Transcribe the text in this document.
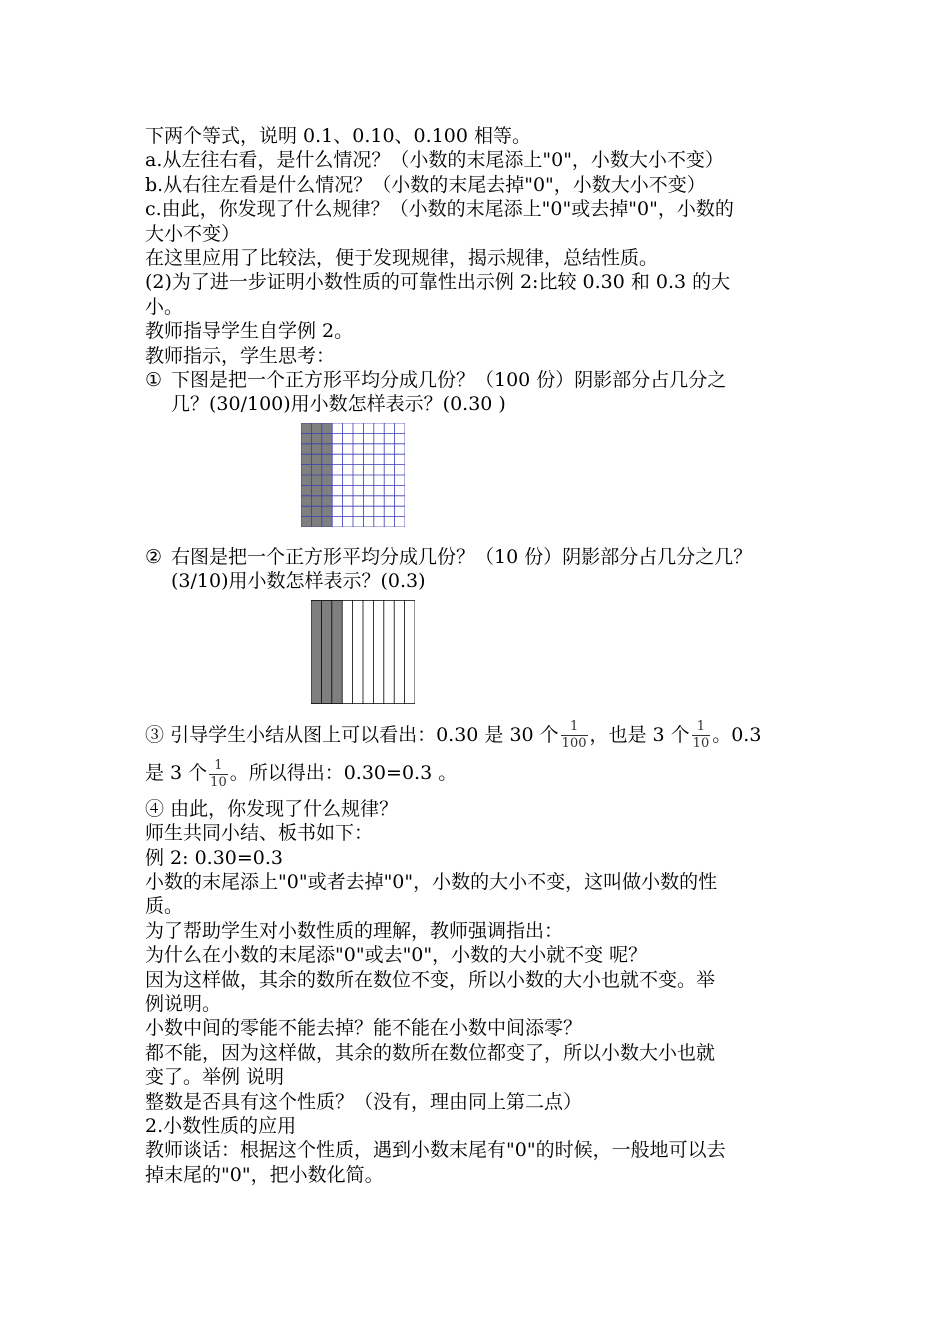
下两个等式，说明 0.1、0.10、0.100 相等。

a.从左往右看，是什么情况？（小数的末尾添上"0"，小数大小不变）

b.从右往左看是什么情况？（小数的末尾去掉"0"，小数大小不变）

c.由此，你发现了什么规律？（小数的末尾添上"0"或去掉"0"，小数的

大小不变）

在这里应用了比较法，便于发现规律，揭示规律，总结性质。

(2)为了进一步证明小数性质的可靠性出示例 2:比较 0.30 和 0.3 的大

小。

教师指导学生自学例 2。

教师指示，学生思考：

① 下图是把一个正方形平均分成几份？（100 份）阴影部分占几分之
几？(30/100)用小数怎样表示？(0.30 )
② 右图是把一个正方形平均分成几份？（10 份）阴影部分占几分之几？
(3/10)用小数怎样表示？(0.3)
③ 引导学生小结从图上可以看出：0.30 是 30 个 $\frac{1}{100}$ ，也是 3 个 $\frac{1}{10}$ 。0.3
是 3 个 $\frac{1}{10}$ 。所以得出：0.30=0.3 。
④ 由此，你发现了什么规律？

师生共同小结、板书如下：

例 2: 0.30=0.3

小数的末尾添上"0"或者去掉"0"，小数的大小不变，这叫做小数的性

质。

为了帮助学生对小数性质的理解，教师强调指出：

为什么在小数的末尾添"0"或去"0"，小数的大小就不变 呢？

因为这样做，其余的数所在数位不变，所以小数的大小也就不变。举

例说明。

小数中间的零能不能去掉？能不能在小数中间添零？

都不能，因为这样做，其余的数所在数位都变了，所以小数大小也就

变了。举例 说明

整数是否具有这个性质？（没有，理由同上第二点）

2.小数性质的应用

教师谈话：根据这个性质，遇到小数末尾有"0"的时候，一般地可以去

掉末尾的"0"，把小数化简。
